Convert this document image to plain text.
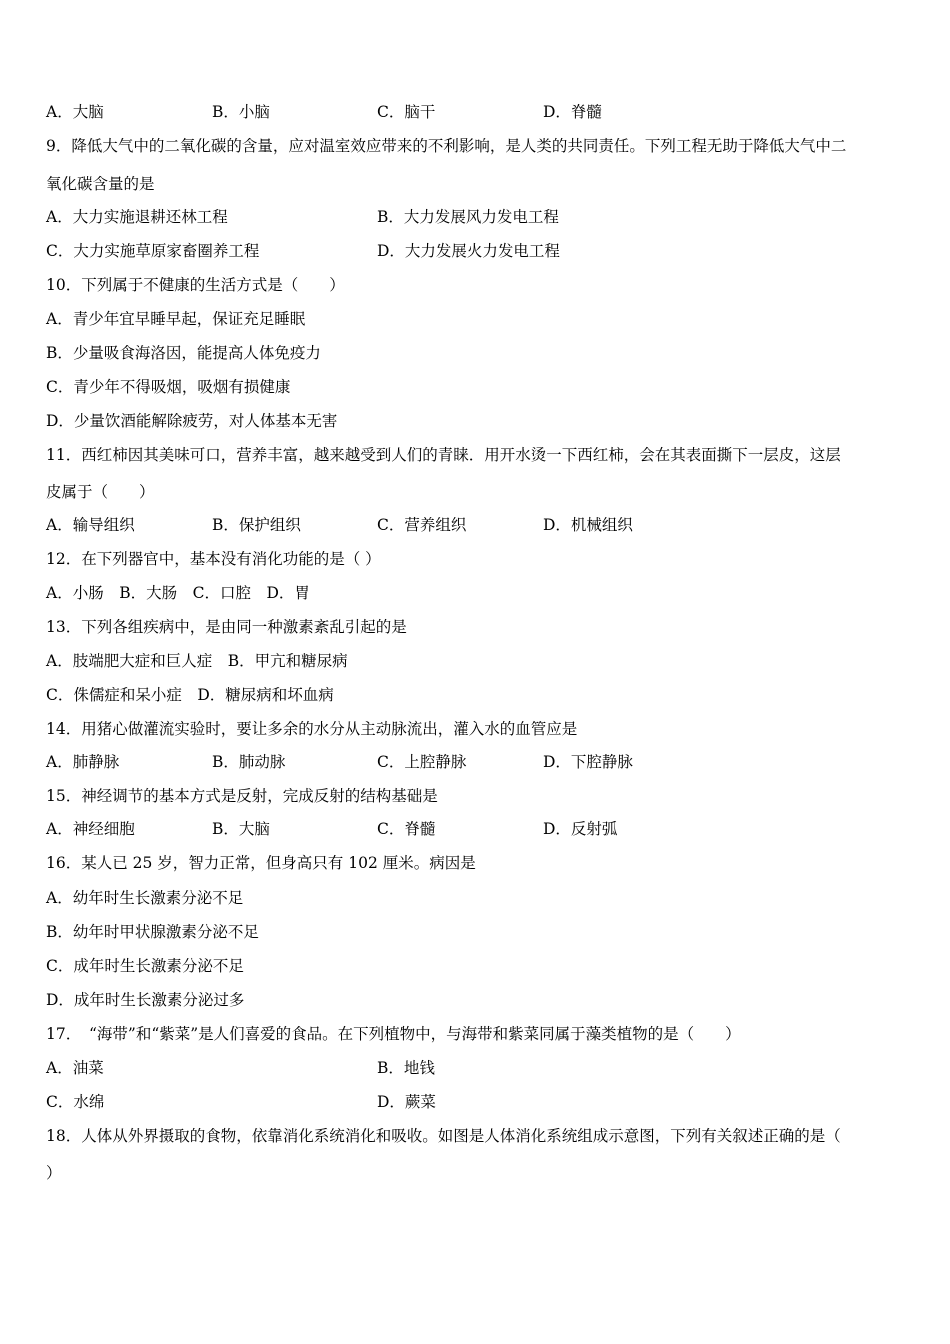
A．大脑	B．小脑	C．脑干	D．脊髓
9．降低大气中的二氧化碳的含量，应对温室效应带来的不利影响，是人类的共同责任。下列工程无助于降低大气中二
氧化碳含量的是
A．大力实施退耕还林工程	B．大力发展风力发电工程
C．大力实施草原家畜圈养工程	D．大力发展火力发电工程
10．下列属于不健康的生活方式是（　　）
A．青少年宜早睡早起，保证充足睡眠
B．少量吸食海洛因，能提高人体免疫力
C．青少年不得吸烟，吸烟有损健康
D．少量饮酒能解除疲劳，对人体基本无害
11．西红柿因其美味可口，营养丰富，越来越受到人们的青睐．用开水烫一下西红柿，会在其表面撕下一层皮，这层
皮属于（　　）
A．输导组织	B．保护组织	C．营养组织	D．机械组织
12．在下列器官中，基本没有消化功能的是（ ）
A．小肠　B．大肠　C．口腔　D．胃
13．下列各组疾病中，是由同一种激素紊乱引起的是
A．肢端肥大症和巨人症　B．甲亢和糖尿病
C．侏儒症和呆小症　D．糖尿病和坏血病
14．用猪心做灌流实验时，要让多余的水分从主动脉流出，灌入水的血管应是
A．肺静脉	B．肺动脉	C．上腔静脉	D．下腔静脉
15．神经调节的基本方式是反射，完成反射的结构基础是
A．神经细胞	B．大脑	C．脊髓	D．反射弧
16．某人已 25 岁，智力正常，但身高只有 102 厘米。病因是
A．幼年时生长激素分泌不足
B．幼年时甲状腺激素分泌不足
C．成年时生长激素分泌不足
D．成年时生长激素分泌过多
17．　“海带”和“紫菜”是人们喜爱的食品。在下列植物中，与海带和紫菜同属于藻类植物的是（　　）
A．油菜	B．地钱
C．水绵	D．蕨菜
18．人体从外界摄取的食物，依靠消化系统消化和吸收。如图是人体消化系统组成示意图，下列有关叙述正确的是（
）
